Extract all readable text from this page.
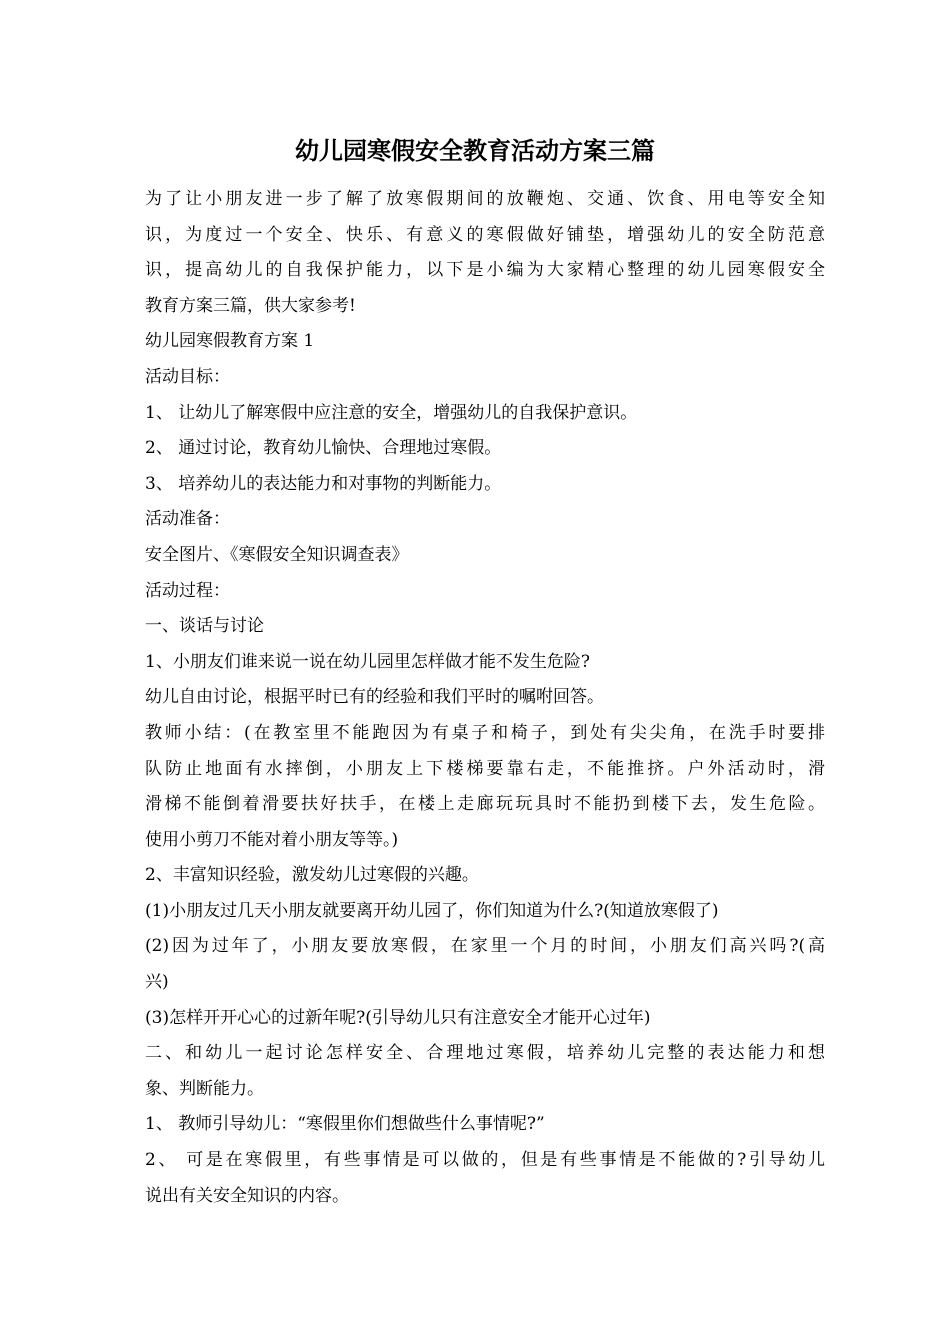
幼儿园寒假安全教育活动方案三篇

为了让小朋友进一步了解了放寒假期间的放鞭炮、交通、饮食、用电等安全知

识，为度过一个安全、快乐、有意义的寒假做好铺垫，增强幼儿的安全防范意

识，提高幼儿的自我保护能力，以下是小编为大家精心整理的幼儿园寒假安全

教育方案三篇，供大家参考!

幼儿园寒假教育方案 1

活动目标：

1、 让幼儿了解寒假中应注意的安全，增强幼儿的自我保护意识。

2、 通过讨论，教育幼儿愉快、合理地过寒假。

3、 培养幼儿的表达能力和对事物的判断能力。

活动准备：

安全图片、《寒假安全知识调查表》

活动过程：

一、谈话与讨论

1、小朋友们谁来说一说在幼儿园里怎样做才能不发生危险?

幼儿自由讨论，根据平时已有的经验和我们平时的嘱咐回答。

教师小结：(在教室里不能跑因为有桌子和椅子，到处有尖尖角，在洗手时要排

队防止地面有水摔倒，小朋友上下楼梯要靠右走，不能推挤。户外活动时，滑

滑梯不能倒着滑要扶好扶手，在楼上走廊玩玩具时不能扔到楼下去，发生危险。

使用小剪刀不能对着小朋友等等。)

2、丰富知识经验，激发幼儿过寒假的兴趣。

(1)小朋友过几天小朋友就要离开幼儿园了，你们知道为什么?(知道放寒假了)

(2)因为过年了，小朋友要放寒假，在家里一个月的时间，小朋友们高兴吗?(高

兴)

(3)怎样开开心心的过新年呢?(引导幼儿只有注意安全才能开心过年)

二、和幼儿一起讨论怎样安全、合理地过寒假，培养幼儿完整的表达能力和想

象、判断能力。

1、 教师引导幼儿：“寒假里你们想做些什么事情呢?”

2、 可是在寒假里，有些事情是可以做的，但是有些事情是不能做的?引导幼儿

说出有关安全知识的内容。
